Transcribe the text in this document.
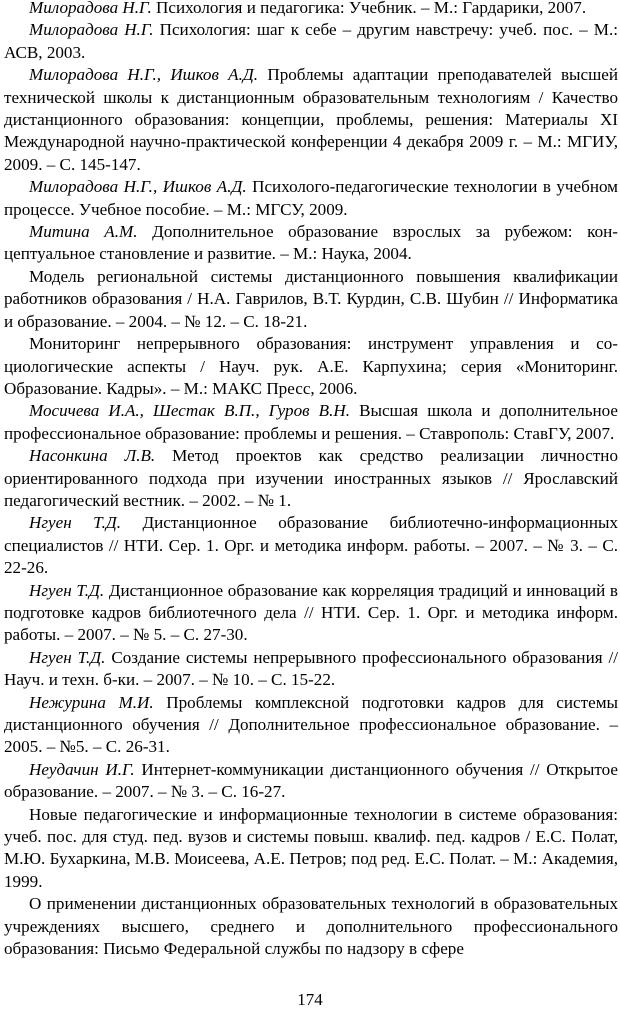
Милорадова Н.Г. Психология и педагогика: Учебник. – М.: Гардарики, 2007.
Милорадова Н.Г. Психология: шаг к себе – другим навстречу: учеб. пос. – М.: АСВ, 2003.
Милорадова Н.Г., Ишков А.Д. Проблемы адаптации преподавателей высшей технической школы к дистанционным образовательным технологиям / Качество дистанционного образования: концепции, проблемы, решения: Материалы XI Международной научно-практической конференции 4 декабря 2009 г. – М.: МГИУ, 2009. – С. 145-147.
Милорадова Н.Г., Ишков А.Д. Психолого-педагогические технологии в учебном процессе. Учебное пособие. – М.: МГСУ, 2009.
Митина А.М. Дополнительное образование взрослых за рубежом: концептуальное становление и развитие. – М.: Наука, 2004.
Модель региональной системы дистанционного повышения квалификации работников образования / Н.А. Гаврилов, В.Т. Курдин, С.В. Шубин // Информатика и образование. – 2004. – № 12. – С. 18-21.
Мониторинг непрерывного образования: инструмент управления и социологические аспекты / Науч. рук. А.Е. Карпухина; серия «Мониторинг. Образование. Кадры». – М.: МАКС Пресс, 2006.
Мосичева И.А., Шестак В.П., Гуров В.Н. Высшая школа и дополнительное профессиональное образование: проблемы и решения. – Ставрополь: СтавГУ, 2007.
Насонкина Л.В. Метод проектов как средство реализации личностно ориентированного подхода при изучении иностранных языков // Ярославский педагогический вестник. – 2002. – № 1.
Нгуен Т.Д. Дистанционное образование библиотечно-информационных специалистов // НТИ. Сер. 1. Орг. и методика информ. работы. – 2007. – № 3. – С. 22-26.
Нгуен Т.Д. Дистанционное образование как корреляция традиций и инноваций в подготовке кадров библиотечного дела // НТИ. Сер. 1. Орг. и методика информ. работы. – 2007. – № 5. – С. 27-30.
Нгуен Т.Д. Создание системы непрерывного профессионального образования // Науч. и техн. б-ки. – 2007. – № 10. – С. 15-22.
Нежурина М.И. Проблемы комплексной подготовки кадров для системы дистанционного обучения // Дополнительное профессиональное образование. – 2005. – №5. – С. 26-31.
Неудачин И.Г. Интернет-коммуникации дистанционного обучения // Открытое образование. – 2007. – № 3. – С. 16-27.
Новые педагогические и информационные технологии в системе образования: учеб. пос. для студ. пед. вузов и системы повыш. квалиф. пед. кадров / Е.С. Полат, М.Ю. Бухаркина, М.В. Моисеева, А.Е. Петров; под ред. Е.С. Полат. – М.: Академия, 1999.
О применении дистанционных образовательных технологий в образовательных учреждениях высшего, среднего и дополнительного профессионального образования: Письмо Федеральной службы по надзору в сфере
174
